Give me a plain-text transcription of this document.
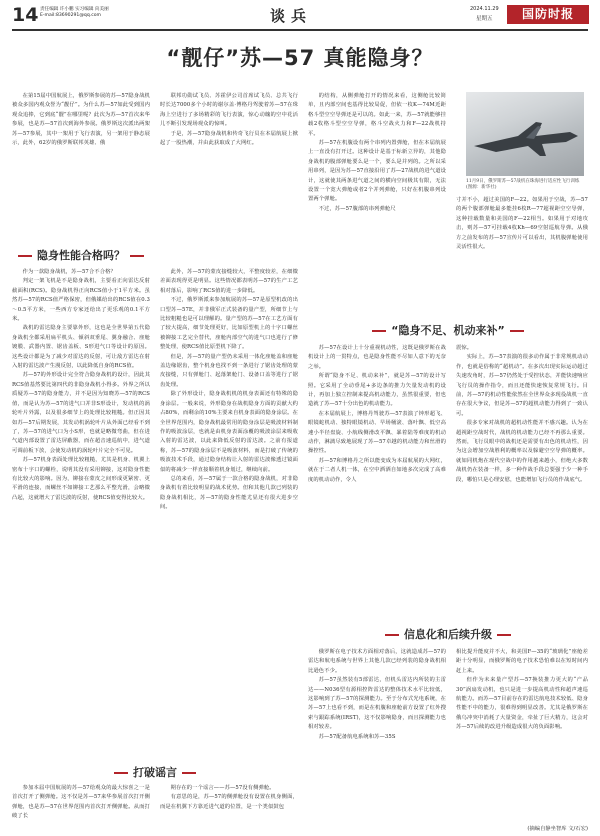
14 责任编辑 许小鹏 实习编辑 向美丽
E-mail:83690291@qq.com	谈兵	2024.11.29
星期五	国防时报
“靓仔”苏—57 真能隐身？
11月9日，俄罗斯苏—57战机在珠海进行适应性飞行训练(图源：新华社)

在第15届中国航展上，俄罗斯参展的苏—57隐身战机被众多国内观众誉为“靓仔”。为什么苏—57如此受到国内观众追捧，它到底“靓”在哪里呢？此次为苏—57首次来华参展，也是苏—57首次到海外参展。俄罗斯这次派出两架苏—57参展，其中一架用于飞行表演，另一架用于静态展示，此外，62岁的俄罗斯联邦英雄、俄

隐身性能合格吗？

作为一款隐身战机，苏—57合不合格？

判定一架飞机是不是隐身战机，主要看正向雷达反射截面积(RCS)。隐身战机得正向RCS值小于1平方米。虽然苏—57的RCS值严格保密，但俄媒给出的RCS值在0.3～0.5平方米，一些西方专家还给出了更乐观的0.1平方米。

战机的雷达隐身主要靠外形，这也是全世界第五代隐身战机全都采用扁平机头、倾斜双垂尾、翼身融合、座舱镀膜、武器内置、锯齿盖板、S形进气口等设计的原因。这些设计都是为了减少对雷达的反射，可让敌方雷达在射入射的雷达波产生漫反射，以此降低自身的RCS值。

苏—57的外形设计完全符合隐身战机的设计，因此其RCS值基然要比第四代的非隐身战机小得多。外界之所以质疑苏—57的隐身能力，并不是因为知晓苏—57的RCS值，而是认为苏—57的进气口并非S形设计，发动机的涡轮叶片外露，以及很多细节上的处理比较粗糙。但正因其如苏—57后期发展，其发动机涡轮叶片从外面已经看不到了，苏—57的进气口为小S形，也就是略微弯曲，但在进气道内部设置了雷达屏蔽器，而在超音速巡航中，进气道可调前板下放，会使发动机的涡轮叶片完全不可见。

苏—57机身表面处理比较粗糙，尤其是机身、机翼上密布十字口的螺栓，说明其没有采用铆接，这对隐身性能有比较大的影响。因为，铆接在蒙皮之间形成更紧密、更平滑的连接，而螺丝不如铆接工艺那么平整光滑，会略微凸起，这就增大了雷达波的反射，使RCS值变得比较大。

参加本届中国航展的苏—57给观众的最大惊喜之一是首次打开了侧弹舱。这不仅是苏—57来华参展首次打开侧弹舱，也是苏—57在世界范围内首次打开侧弹舱。从而打破了长

联邦功勋试飞员、苏霍伊公司首席试飞员、总共飞行时长达7000多个小时的谢尔盖·博格丹驾驶着苏—57在珠海上空进行了多场精彩的飞行表演，惊心动魄的空中花活儿不断引发现场观众的惊叫。

于是，苏—57隐身战机和传奇飞行员在本届航展上掀起了一股热潮，并由此获取成了大网红。

此外，苏—57的蒙皮接缝较大，平整度较差，在细微差面表现得更是明显。这些情况都表明苏—57的生产工艺相对落后，影响了RCS值的进一步降低。

不过，俄罗斯派来参加航展的苏—57是原型机改的出口型苏—57E，并非俄军正式装备的量产型，所细节上与比较粗糙也是可以理解的。量产型的苏—57在工艺方面有了较大提高，细节处理更好，比如原型机上的十字口螺丝被铆接工艺完全替代，座舱内部空气的进气口也进行了修整处理，使RCS值比原型机下降了。

但是，苏—57的量产型仍未采用一体化座舱盖和座舱盖边缘锯齿，整个机身也找不到一条进行了锯齿处理的蒙皮接缝，只有弹舱门、起落架舱门、设备口盖等进行了锯齿处理。

除了外形设计，隐身战机机的机身表面还有特殊的隐身涂层。一般来说，外形隐身在战机隐身方面的贡献大约占80%，而剩余的10%主要来自机身表面的隐身涂层。在全世界范围内，隐身战机最常用的隐身涂层是吸波材料制作的吸波涂层，也就是由机身表面涂覆的吸波涂层来吸收入射的雷达波，以此来降低反射的雷达波。之前有报道称，苏—57的隐身涂层不是吸波材料，而是打破了传统的吸波技术手段，通过隐身结构让入射的雷达波像透过镜面似的将减少一样直接顺着机身划过，继续向前。

总的来看，苏—57属于一款合格的隐身战机，对非隐身战机有着比较明显的战术优势。但和其他几款已列装的隐身战机相比，苏—57的隐身性能尤显还有很大进步空间。

打破谣言

期存在的一个谣言——苏—57没有侧弹舱。

有意思的是，苏—57的侧弹舱没有设置在机身侧面，而是在机翼下方靠近进气道的位置，是一个类似鼓包

的结构，从侧弹舱打开的情况来看，这侧舱比较简单，且内部空间也基得比较局促，但依一枚K—74M近距格斗型空空导弹还是可以的。如此一来，苏—57就能够挂载2枚格斗型空空导弹，格斗空战火力和F—22战机持平。

苏—57在机腹设有两个串列内置弹舱，但在本届航展上一直没有打开过。这种设计是基于标新立异的，其他隐身战机的腹部弹舱要么是一个，要么是并列的。之所以采用串列，是因为苏—57直接沿用了苏—27战机的进气道设计，这就使其两条进气道之间的横向空间极其有限，无法设置一个宽大弹舱或者2个并列弹舱，只好在机腹串列设置两个弹舱。

不过，苏—57腹部的串列弹舱尺

“隐身不足、机动来补”

苏—57在设计上十分重视机动性，这既是俄罗斯在战机设计上的一贯特点，也是隐身性能不尽如人意下的无奈之举。

所谓“隐身不足、机动来补”，就是苏—57的设计写照。它采用了全动垂尾+多边条的推力矢量发动机的设计，再加上独立控制来提高机动能力，虽然很重要，但也造就了苏—57十分出色的机动能力。

在本届航展上，博格丹驾驶苏—57表演了钟形超飞、眼镜蛇机动、独特眼镜机动、早场桶滚、落叶飘、低空高速小半径盘旋、小航线侧滑改平飘、暴着陆等难度的机动动作，淋漓尽致地展现了苏—57卓越的机动能力和丝滑的操控性。

苏—57和博格丹之所以能变成为本届航展的大网红，就在于二者人机一体，在空中洒洒自如地多次完成了高难度的机动动作，令人

信息化和后续升级

俄罗斯在电子技术方面相对落后，这就造成苏—57的雷达和航电系统与世界上其他几款已经列装的隐身战机相比逊色不少。

苏—57虽然装有5部雷达，但机头雷达内所装的主雷达——N036型有源相控阵雷达的整体技术水平比较低，这影响到了苏—57的探测能力。至于分布式光电系统，在苏—57上也看不到，而是在机腹和座舱前方设置了红外搜索与跟踪系统(IRST)，这不仅影响隐身，而且探测能力也相对较差。

苏—57配备航电系统和苏—35S

寸并不小，超过美国的F—22。如果用于空战，苏—57的两个腹部弹舱最多能挂6枚R—77超视距空空导弹，这种挂载数量和美国的F—22相当。如果用于对地攻击，则苏—57可挂载4枚Kh—69空射巡航导弹。从俄方之前发布的苏—57宣传片可以看出，其机腹弹舱使用灵活性很大。

震惊。

实际上，苏—57表演的很多动作属于非常规机动动作，也就是俗称的“超机动”。在多次出现实际运动超过失速攻角时，苏—57仍然处于受控状态，并能快速响应飞行员的操作指令，而且还能快速恢复常规飞行。目前，苏—57的机动性能依然在全世界众多现役战机一直存在很大争议，但是苏—57的超机动能力得到了一致认可。

很多专家对战机的超机动性能并不感兴趣。认为在超视距空战时代，战机的机动能力已经不再那么重要。然而，飞行员眼中的战机还是需要有出色的机动性，因为这会增加空战胜利的概率以及躲避空空导弹的概率。就如同机炮在现代空战中的作用越来越小，但绝大多数战机仍在装备一样，多一种作战手段总要强于少一种手段，哪怕只是心理安慰，也能增加飞行员的作战底气。

相比提升能度并不大，和美国F—35的“玻璃化”座舱差距十分明显，而俄罗斯的电子技术恐怕难以在短时间内赶上来。

但作为未来量产型苏—57换装推力更大的“产品30”涡扇发动机，也只是进一步提高机动性和超声速巡航能力。而苏—57目前存在的雷达航电技术较低、隐身性能不中的能力，很难得到明显改善。尤其是俄罗斯在俄乌冲突中消耗了大量资金，牵扯了巨大精力，这会对苏—57后续的改进升级造成很大的负面影响。

(摘编自静坐智库 文/石宏)
